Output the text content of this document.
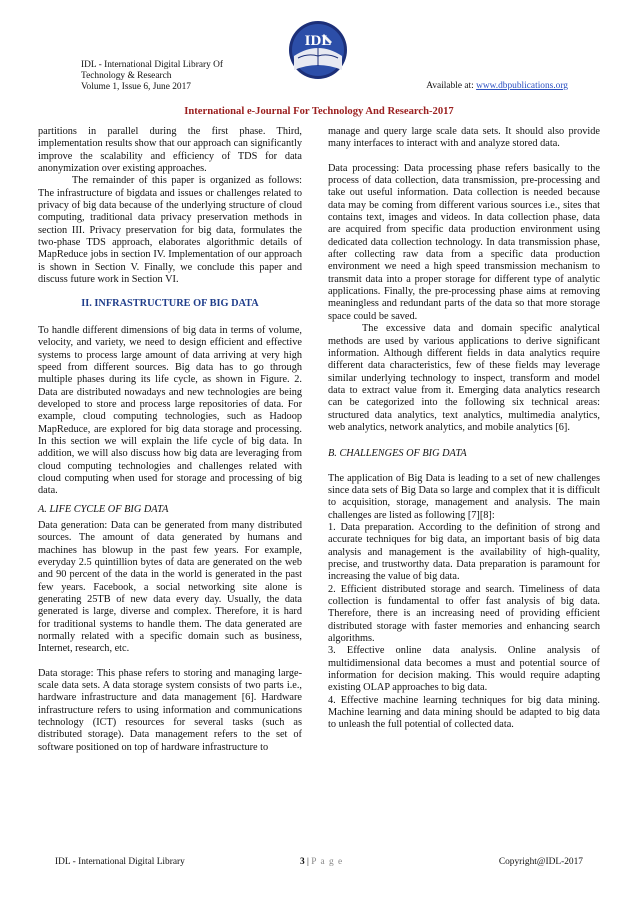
IDL - International Digital Library Of
Technology & Research
Volume 1, Issue 6, June 2017
IDL
Available at: www.dbpublications.org
International e-Journal For Technology And Research-2017

partitions in parallel during the first phase. Third, implementation results show that our approach can significantly improve the scalability and efficiency of TDS for data anonymization over existing approaches.

The remainder of this paper is organized as follows: The infrastructure of bigdata and issues or challenges related to privacy of big data because of the underlying structure of cloud computing, traditional data privacy preservation methods in section III. Privacy preservation for big data, formulates the two-phase TDS approach, elaborates algorithmic details of MapReduce jobs in section IV. Implementation of our approach is shown in Section V. Finally, we conclude this paper and discuss future work in Section VI.

II. INFRASTRUCTURE OF BIG DATA

To handle different dimensions of big data in terms of volume, velocity, and variety, we need to design efficient and effective systems to process large amount of data arriving at very high speed from different sources. Big data has to go through multiple phases during its life cycle, as shown in Figure. 2. Data are distributed nowadays and new technologies are being developed to store and process large repositories of data. For example, cloud computing technologies, such as Hadoop MapReduce, are explored for big data storage and processing. In this section we will explain the life cycle of big data. In addition, we will also discuss how big data are leveraging from cloud computing technologies and challenges related with cloud computing when used for storage and processing of big data.

A. LIFE CYCLE OF BIG DATA

Data generation: Data can be generated from many distributed sources. The amount of data generated by humans and machines has blowup in the past few years. For example, everyday 2.5 quintillion bytes of data are generated on the web and 90 percent of the data in the world is generated in the past few years. Facebook, a social networking site alone is generating 25TB of new data every day. Usually, the data generated is large, diverse and complex. Therefore, it is hard for traditional systems to handle them. The data generated are normally related with a specific domain such as business, Internet, research, etc.

Data storage: This phase refers to storing and managing large-scale data sets. A data storage system consists of two parts i.e., hardware infrastructure and data management [6]. Hardware infrastructure refers to using information and communications technology (ICT) resources for several tasks (such as distributed storage). Data management refers to the set of software positioned on top of hardware infrastructure to

manage and query large scale data sets. It should also provide many interfaces to interact with and analyze stored data.

Data processing: Data processing phase refers basically to the process of data collection, data transmission, pre-processing and take out useful information. Data collection is needed because data may be coming from different various sources i.e., sites that contains text, images and videos. In data collection phase, data are acquired from specific data production environment using dedicated data collection technology. In data transmission phase, after collecting raw data from a specific data production environment we need a high speed transmission mechanism to transmit data into a proper storage for different type of analytic applications. Finally, the pre-processing phase aims at removing meaningless and redundant parts of the data so that more storage space could be saved.

The excessive data and domain specific analytical methods are used by various applications to derive significant information. Although different fields in data analytics require different data characteristics, few of these fields may leverage similar underlying technology to inspect, transform and model data to extract value from it. Emerging data analytics research can be categorized into the following six technical areas: structured data analytics, text analytics, multimedia analytics, web analytics, network analytics, and mobile analytics [6].

B. CHALLENGES OF BIG DATA

The application of Big Data is leading to a set of new challenges since data sets of Big Data so large and complex that it is difficult to acquisition, storage, management and analysis. The main challenges are listed as following [7][8]:

1. Data preparation. According to the definition of strong and accurate techniques for big data, an important basis of big data analysis and management is the availability of high-quality, precise, and trustworthy data. Data preparation is paramount for increasing the value of big data.

2. Efficient distributed storage and search. Timeliness of data collection is fundamental to offer fast analysis of big data. Therefore, there is an increasing need of providing efficient distributed storage with faster memories and enhancing search algorithms.

3. Effective online data analysis. Online analysis of multidimensional data becomes a must and potential source of information for decision making. This would require adapting existing OLAP approaches to big data.

4. Effective machine learning techniques for big data mining. Machine learning and data mining should be adapted to big data to unleash the full potential of collected data.

IDL - International Digital Library	3 | P a g e	Copyright@IDL-2017
